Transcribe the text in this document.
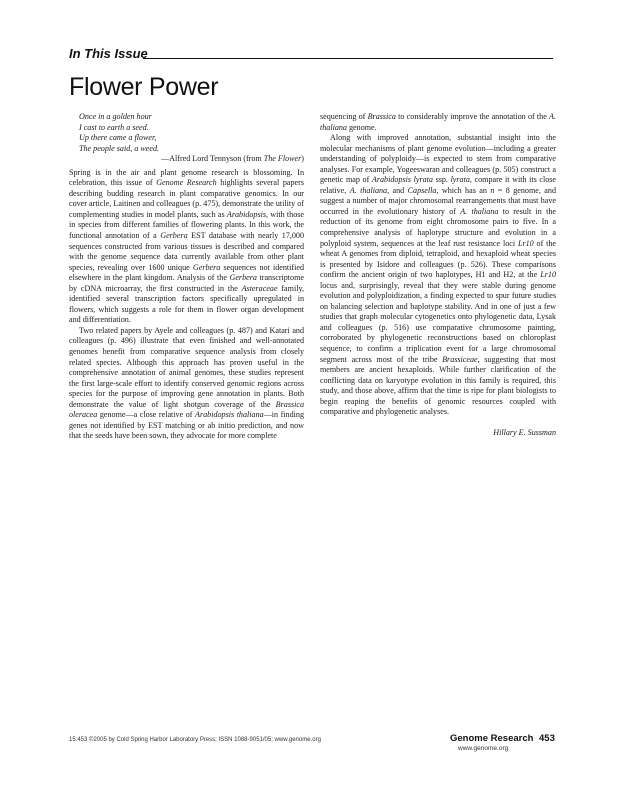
In This Issue
Flower Power
Once in a golden hour
I cast to earth a seed.
Up there came a flower,
The people said, a weed.
—Alfred Lord Tennyson (from The Flower)

Spring is in the air and plant genome research is blossoming. In celebration, this issue of Genome Research highlights several papers describing budding research in plant comparative genomics. In our cover article, Laitinen and colleagues (p. 475), demonstrate the utility of complementing studies in model plants, such as Arabidopsis, with those in species from different families of flowering plants. In this work, the functional annotation of a Gerbera EST database with nearly 17,000 sequences constructed from various tissues is described and compared with the genome sequence data currently available from other plant species, revealing over 1600 unique Gerbera sequences not identified elsewhere in the plant kingdom. Analysis of the Gerbera transcriptome by cDNA microarray, the first constructed in the Asteraceae family, identified several transcription factors specifically upregulated in flowers, which suggests a role for them in flower organ development and differentiation.

Two related papers by Ayele and colleagues (p. 487) and Katari and colleagues (p. 496) illustrate that even finished and well-annotated genomes benefit from comparative sequence analysis from closely related species. Although this approach has proven useful in the comprehensive annotation of animal genomes, these studies represent the first large-scale effort to identify conserved genomic regions across species for the purpose of improving gene annotation in plants. Both demonstrate the value of light shotgun coverage of the Brassica oleracea genome—a close relative of Arabidopsis thaliana—in finding genes not identified by EST matching or ab initio prediction, and now that the seeds have been sown, they advocate for more complete

sequencing of Brassica to considerably improve the annotation of the A. thaliana genome.

Along with improved annotation, substantial insight into the molecular mechanisms of plant genome evolution—including a greater understanding of polyploidy—is expected to stem from comparative analyses. For example, Yogeeswaran and colleagues (p. 505) construct a genetic map of Arabidopsis lyrata ssp. lyrata, compare it with its close relative, A. thaliana, and Capsella, which has an n = 8 genome, and suggest a number of major chromosomal rearrangements that must have occurred in the evolutionary history of A. thaliana to result in the reduction of its genome from eight chromosome pairs to five. In a comprehensive analysis of haplotype structure and evolution in a polyploid system, sequences at the leaf rust resistance loci Lr10 of the wheat A genomes from diploid, tetraploid, and hexaploid wheat species is presented by Isidore and colleagues (p. 526). These comparisons confirm the ancient origin of two haplotypes, H1 and H2, at the Lr10 locus and, surprisingly, reveal that they were stable during genome evolution and polyploidization, a finding expected to spur future studies on balancing selection and haplotype stability. And in one of just a few studies that graph molecular cytogenetics onto phylogenetic data, Lysak and colleagues (p. 516) use comparative chromosome painting, corroborated by phylogenetic reconstructions based on chloroplast sequence, to confirm a triplication event for a large chromosomal segment across most of the tribe Brassiceae, suggesting that most members are ancient hexaploids. While further clarification of the conflicting data on karyotype evolution in this family is required, this study, and those above, affirm that the time is ripe for plant biologists to begin reaping the benefits of genomic resources coupled with comparative and phylogenetic analyses.

Hillary E. Sussman
15:453 ©2005 by Cold Spring Harbor Laboratory Press; ISSN 1088-9051/05; www.genome.org	Genome Research 453
www.genome.org
